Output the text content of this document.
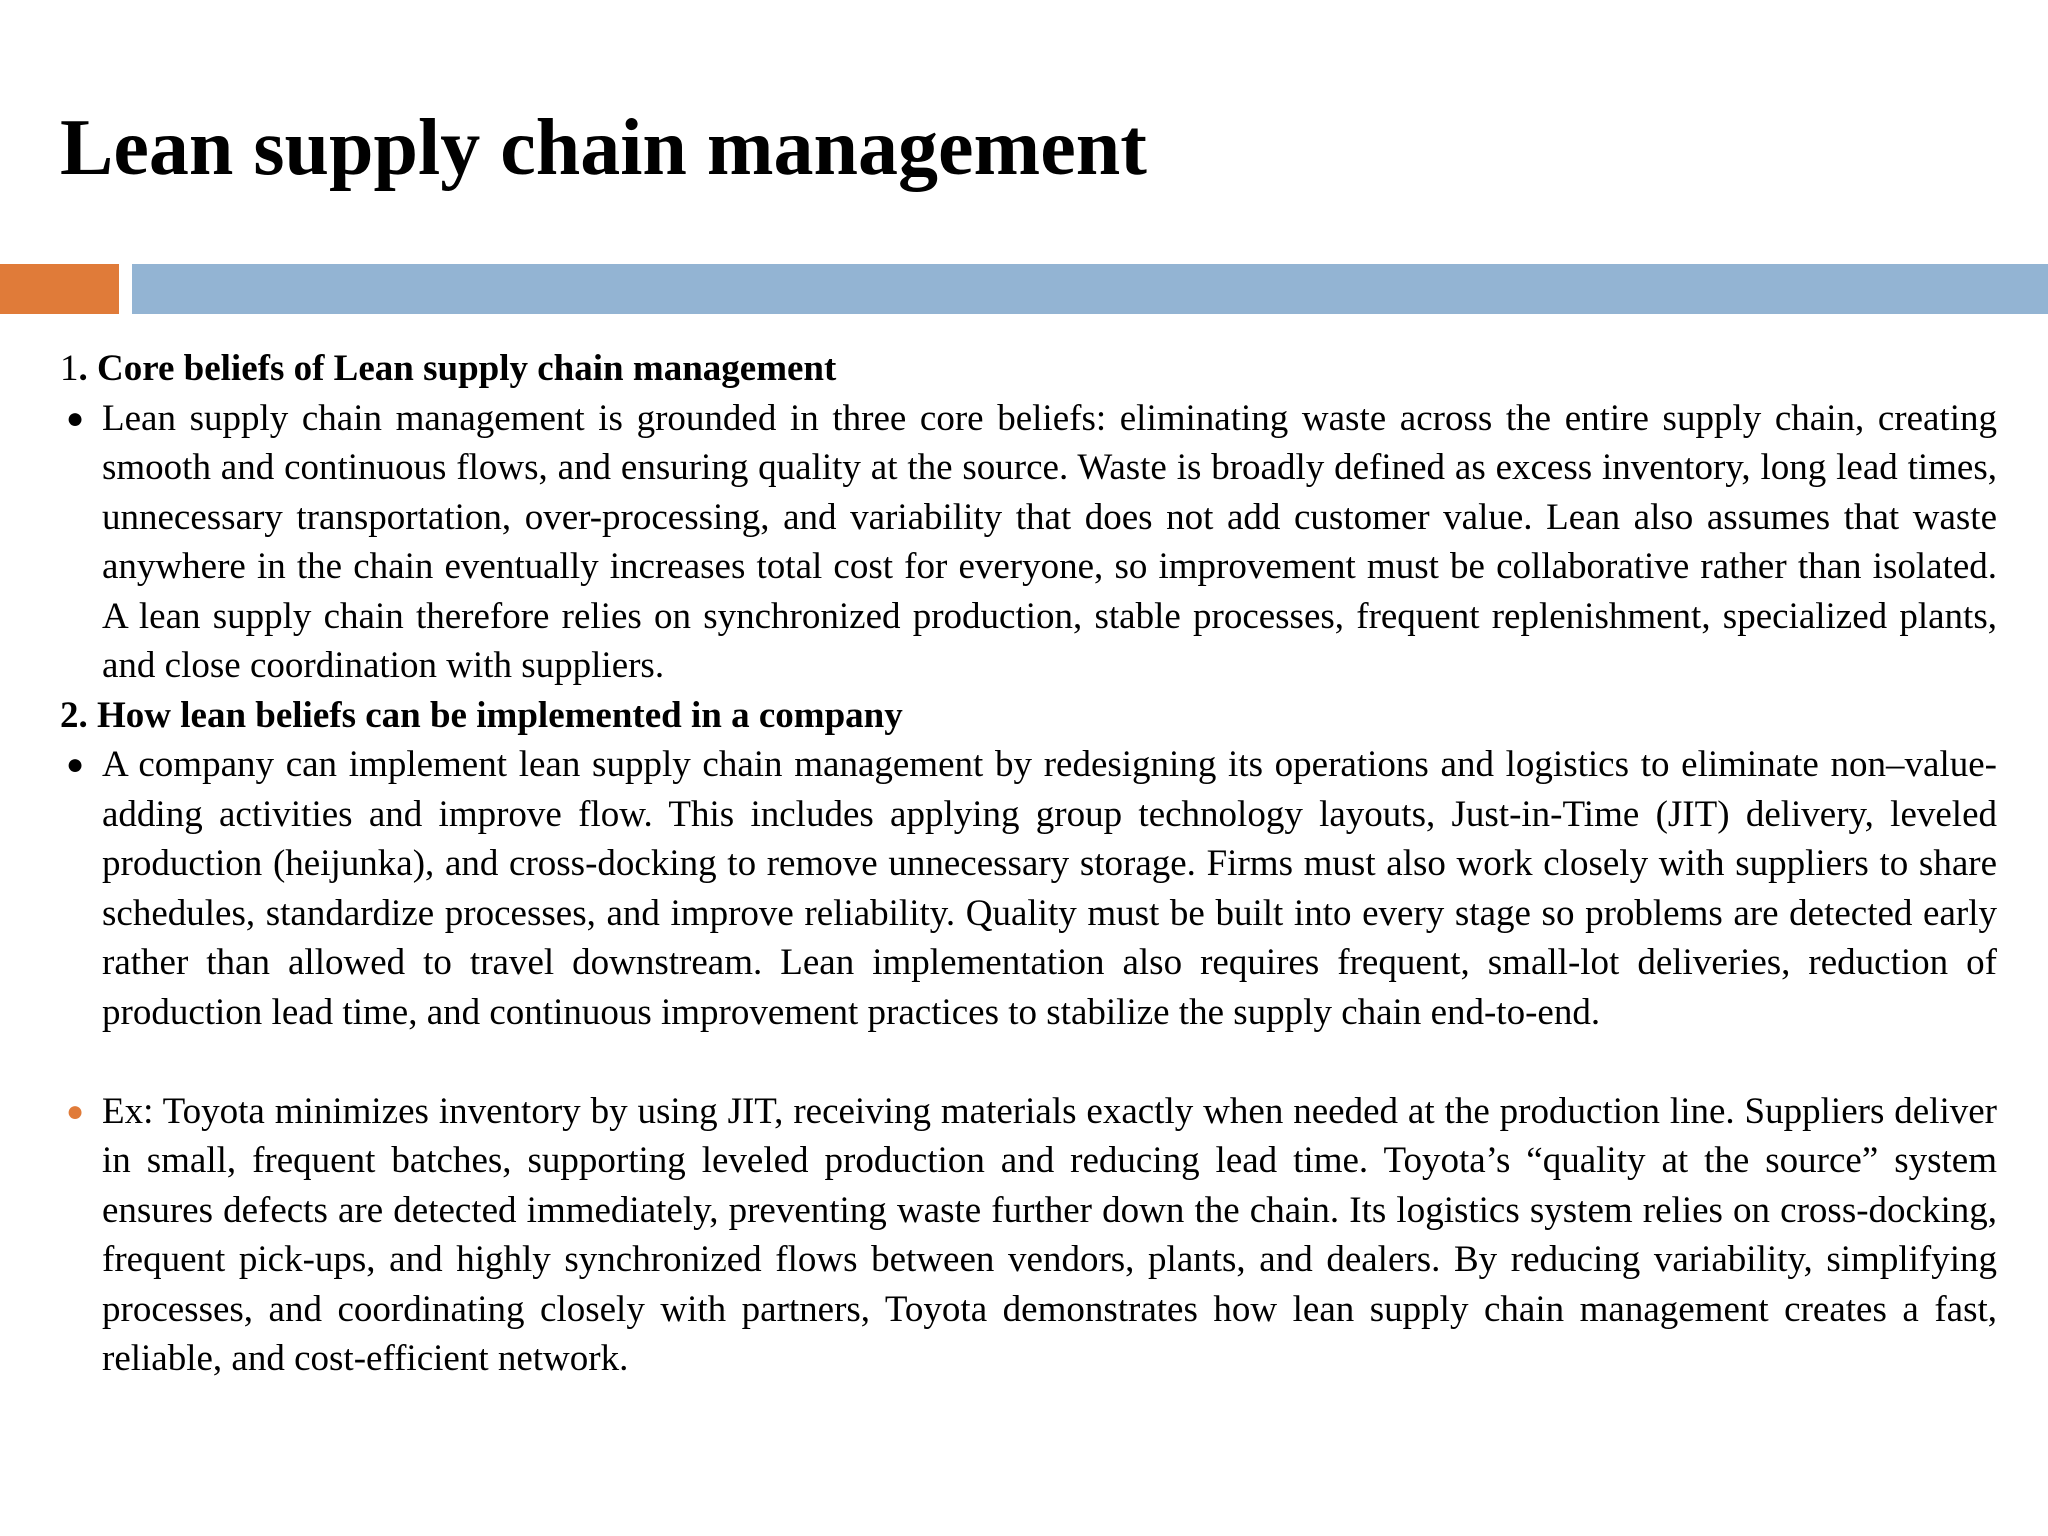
Lean supply chain management

1. Core beliefs of Lean supply chain management

● Lean supply chain management is grounded in three core beliefs: eliminating waste across the entire supply chain, creating smooth and continuous flows, and ensuring quality at the source. Waste is broadly defined as excess inventory, long lead times, unnecessary transportation, over-processing, and variability that does not add customer value. Lean also assumes that waste anywhere in the chain eventually increases total cost for everyone, so improvement must be collaborative rather than isolated. A lean supply chain therefore relies on synchronized production, stable processes, frequent replenishment, specialized plants, and close coordination with suppliers.

2. How lean beliefs can be implemented in a company

● A company can implement lean supply chain management by redesigning its operations and logistics to eliminate non–value-adding activities and improve flow. This includes applying group technology layouts, Just-in-Time (JIT) delivery, leveled production (heijunka), and cross-docking to remove unnecessary storage. Firms must also work closely with suppliers to share schedules, standardize processes, and improve reliability. Quality must be built into every stage so problems are detected early rather than allowed to travel downstream. Lean implementation also requires frequent, small-lot deliveries, reduction of production lead time, and continuous improvement practices to stabilize the supply chain end-to-end.

● Ex: Toyota minimizes inventory by using JIT, receiving materials exactly when needed at the production line. Suppliers deliver in small, frequent batches, supporting leveled production and reducing lead time. Toyota’s “quality at the source” system ensures defects are detected immediately, preventing waste further down the chain. Its logistics system relies on cross-docking, frequent pick-ups, and highly synchronized flows between vendors, plants, and dealers. By reducing variability, simplifying processes, and coordinating closely with partners, Toyota demonstrates how lean supply chain management creates a fast, reliable, and cost-efficient network.
